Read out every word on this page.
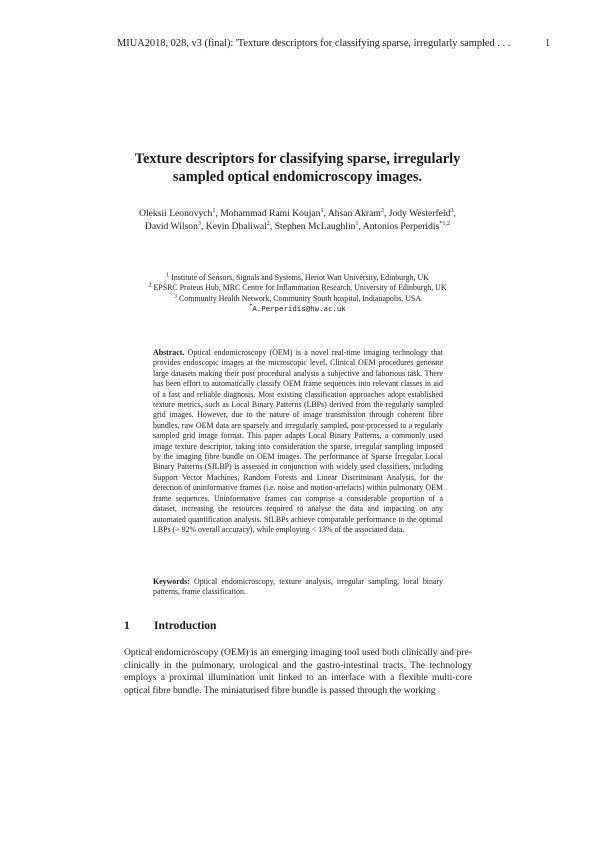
MIUA2018, 028, v3 (final): 'Texture descriptors for classifying sparse, irregularly sampled . . .	1
Texture descriptors for classifying sparse, irregularly
sampled optical endomicroscopy images.
Oleksii Leonovych$^1$, Mohammad Rami Koujan$^1$, Ahsan Akram$^2$, Jody Westerfeld$^3$,
David Wilson$^3$, Kevin Dhaliwal$^2$, Stephen McLaughlin$^1$, Antonios Perperidis$^{*1,2}$
$^1$ Institute of Sensors, Signals and Systems, Heriot Watt University, Edinburgh, UK
$^2$ EPSRC Proteus Hub, MRC Centre for Inflammation Research, University of Edinburgh, UK
$^3$ Community Health Network, Community South hospital, Indianapolis, USA
*A.Perperidis@hw.ac.uk
Abstract. Optical endomicroscopy (OEM) is a novel real-time imaging technology that provides endoscopic images at the microscopic level. Clinical OEM procedures generate large datasets making their post procedural analysis a subjective and laborious task. There has been effort to automatically classify OEM frame sequences into relevant classes in aid of a fast and reliable diagnosis. Most existing classification approaches adopt established texture metrics, such as Local Binary Patterns (LBPs) derived from the regularly sampled grid images. However, due to the nature of image transmission through coherent fibre bundles, raw OEM data are sparsely and irregularly sampled, post-processed to a regularly sampled grid image format. This paper adapts Local Binary Patterns, a commonly used image texture descriptor, taking into consideration the sparse, irregular sampling imposed by the imaging fibre bundle on OEM images. The performance of Sparse Irregular Local Binary Patterns (SILBP) is assessed in conjunction with widely used classifiers, including Support Vector Machines, Random Forests and Linear Discriminant Analysis, for the detection of uninformative frames (i.e. noise and motion-artefacts) within pulmonary OEM frame sequences. Uninformative frames can comprise a considerable proportion of a dataset, increasing the resources required to analyse the data and impacting on any automated quantification analysis. SILBPs achieve comparable performance to the optimal LBPs (> 92% overall accuracy), while employing < 13% of the associated data.
Keywords: Optical endomicroscopy, texture analysis, irregular sampling, local binary patterns, frame classification.
1 Introduction
Optical endomicroscopy (OEM) is an emerging imaging tool used both clinically and pre-clinically in the pulmonary, urological and the gastro-intestinal tracts. The technology employs a proximal illumination unit linked to an interface with a flexible multi-core optical fibre bundle. The miniaturised fibre bundle is passed through the working
